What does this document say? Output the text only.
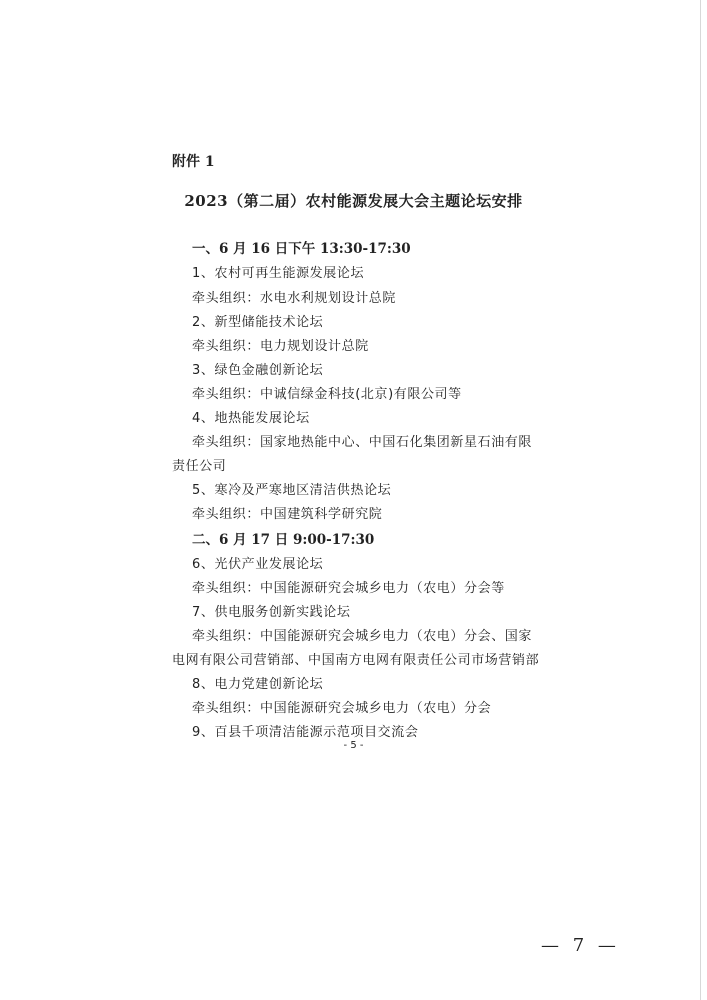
附件 1
2023（第二届）农村能源发展大会主题论坛安排
一、6 月 16 日下午 13:30-17:30
1、农村可再生能源发展论坛
牵头组织：水电水利规划设计总院
2、新型储能技术论坛
牵头组织：电力规划设计总院
3、绿色金融创新论坛
牵头组织：中诚信绿金科技(北京)有限公司等
4、地热能发展论坛
牵头组织：国家地热能中心、中国石化集团新星石油有限
责任公司
5、寒冷及严寒地区清洁供热论坛
牵头组织：中国建筑科学研究院
二、6 月 17 日 9:00-17:30
6、光伏产业发展论坛
牵头组织：中国能源研究会城乡电力（农电）分会等
7、供电服务创新实践论坛
牵头组织：中国能源研究会城乡电力（农电）分会、国家
电网有限公司营销部、中国南方电网有限责任公司市场营销部
8、电力党建创新论坛
牵头组织：中国能源研究会城乡电力（农电）分会
9、百县千项清洁能源示范项目交流会
- 5 -
— 7 —
